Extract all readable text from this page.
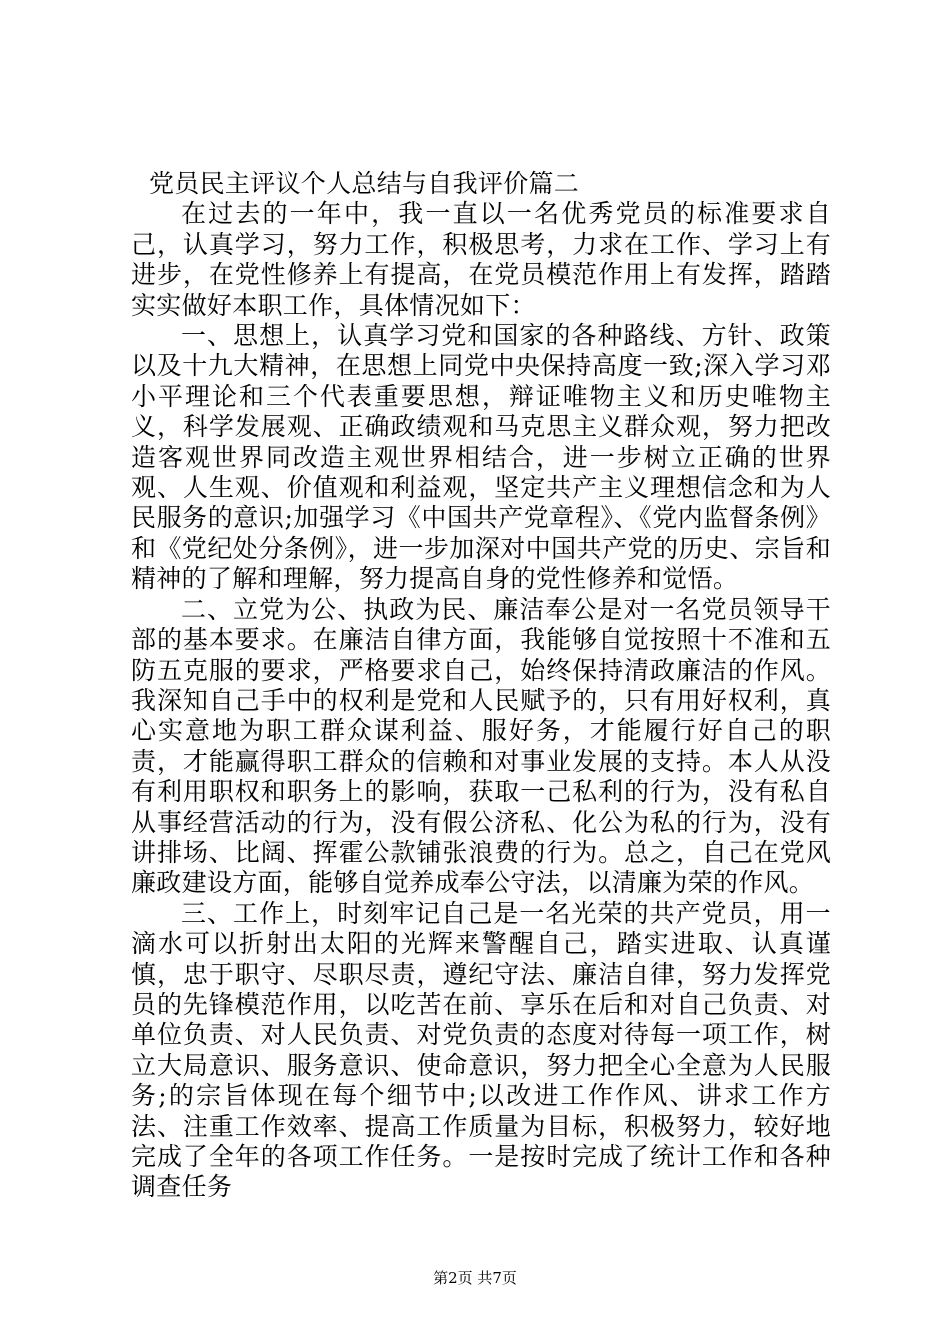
党员民主评议个人总结与自我评价篇二

在过去的一年中，我一直以一名优秀党员的标准要求自己，认真学习，努力工作，积极思考，力求在工作、学习上有进步，在党性修养上有提高，在党员模范作用上有发挥，踏踏实实做好本职工作，具体情况如下：

一、思想上，认真学习党和国家的各种路线、方针、政策以及十九大精神，在思想上同党中央保持高度一致;深入学习邓小平理论和三个代表重要思想，辩证唯物主义和历史唯物主义，科学发展观、正确政绩观和马克思主义群众观，努力把改造客观世界同改造主观世界相结合，进一步树立正确的世界观、人生观、价值观和利益观，坚定共产主义理想信念和为人民服务的意识;加强学习《中国共产党章程》、《党内监督条例》和《党纪处分条例》，进一步加深对中国共产党的历史、宗旨和精神的了解和理解，努力提高自身的党性修养和觉悟。

二、立党为公、执政为民、廉洁奉公是对一名党员领导干部的基本要求。在廉洁自律方面，我能够自觉按照十不准和五防五克服的要求，严格要求自己，始终保持清政廉洁的作风。我深知自己手中的权利是党和人民赋予的，只有用好权利，真心实意地为职工群众谋利益、服好务，才能履行好自己的职责，才能赢得职工群众的信赖和对事业发展的支持。本人从没有利用职权和职务上的影响，获取一己私利的行为，没有私自从事经营活动的行为，没有假公济私、化公为私的行为，没有讲排场、比阔、挥霍公款铺张浪费的行为。总之，自己在党风廉政建设方面，能够自觉养成奉公守法，以清廉为荣的作风。

三、工作上，时刻牢记自己是一名光荣的共产党员，用一滴水可以折射出太阳的光辉来警醒自己，踏实进取、认真谨慎，忠于职守、尽职尽责，遵纪守法、廉洁自律，努力发挥党员的先锋模范作用，以吃苦在前、享乐在后和对自己负责、对单位负责、对人民负责、对党负责的态度对待每一项工作，树立大局意识、服务意识、使命意识，努力把全心全意为人民服务;的宗旨体现在每个细节中;以改进工作作风、讲求工作方法、注重工作效率、提高工作质量为目标，积极努力，较好地完成了全年的各项工作任务。一是按时完成了统计工作和各种调查任务

第2页 共7页
